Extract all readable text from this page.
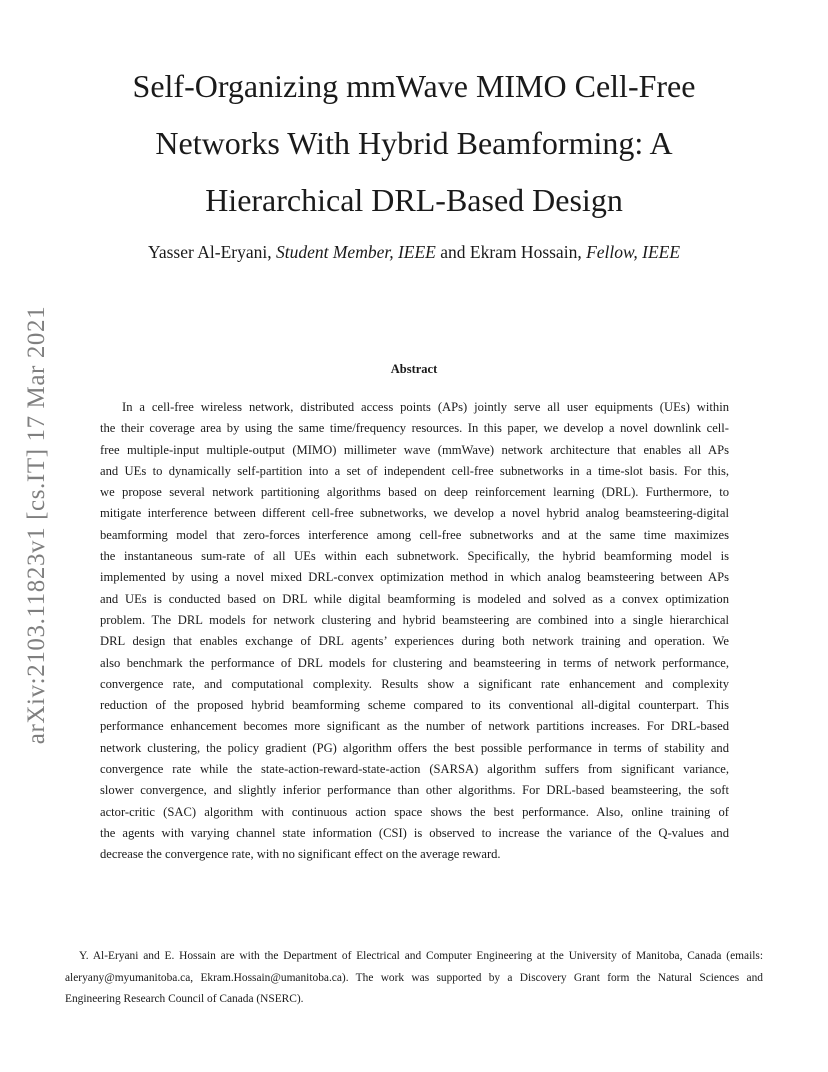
arXiv:2103.11823v1 [cs.IT] 17 Mar 2021
Self-Organizing mmWave MIMO Cell-Free
Networks With Hybrid Beamforming: A
Hierarchical DRL-Based Design
Yasser Al-Eryani, Student Member, IEEE and Ekram Hossain, Fellow, IEEE
Abstract
In a cell-free wireless network, distributed access points (APs) jointly serve all user equipments (UEs) within
the their coverage area by using the same time/frequency resources. In this paper, we develop a novel downlink cell-
free multiple-input multiple-output (MIMO) millimeter wave (mmWave) network architecture that enables all APs
and UEs to dynamically self-partition into a set of independent cell-free subnetworks in a time-slot basis. For this,
we propose several network partitioning algorithms based on deep reinforcement learning (DRL). Furthermore, to
mitigate interference between different cell-free subnetworks, we develop a novel hybrid analog beamsteering-digital
beamforming model that zero-forces interference among cell-free subnetworks and at the same time maximizes
the instantaneous sum-rate of all UEs within each subnetwork. Specifically, the hybrid beamforming model is
implemented by using a novel mixed DRL-convex optimization method in which analog beamsteering between APs
and UEs is conducted based on DRL while digital beamforming is modeled and solved as a convex optimization
problem. The DRL models for network clustering and hybrid beamsteering are combined into a single hierarchical
DRL design that enables exchange of DRL agents’ experiences during both network training and operation. We
also benchmark the performance of DRL models for clustering and beamsteering in terms of network performance,
convergence rate, and computational complexity. Results show a significant rate enhancement and complexity
reduction of the proposed hybrid beamforming scheme compared to its conventional all-digital counterpart. This
performance enhancement becomes more significant as the number of network partitions increases. For DRL-based
network clustering, the policy gradient (PG) algorithm offers the best possible performance in terms of stability and
convergence rate while the state-action-reward-state-action (SARSA) algorithm suffers from significant variance,
slower convergence, and slightly inferior performance than other algorithms. For DRL-based beamsteering, the soft
actor-critic (SAC) algorithm with continuous action space shows the best performance. Also, online training of
the agents with varying channel state information (CSI) is observed to increase the variance of the Q-values and
decrease the convergence rate, with no significant effect on the average reward.
Y. Al-Eryani and E. Hossain are with the Department of Electrical and Computer Engineering at the University of Manitoba, Canada (emails:
aleryany@myumanitoba.ca, Ekram.Hossain@umanitoba.ca). The work was supported by a Discovery Grant form the Natural Sciences and
Engineering Research Council of Canada (NSERC).
